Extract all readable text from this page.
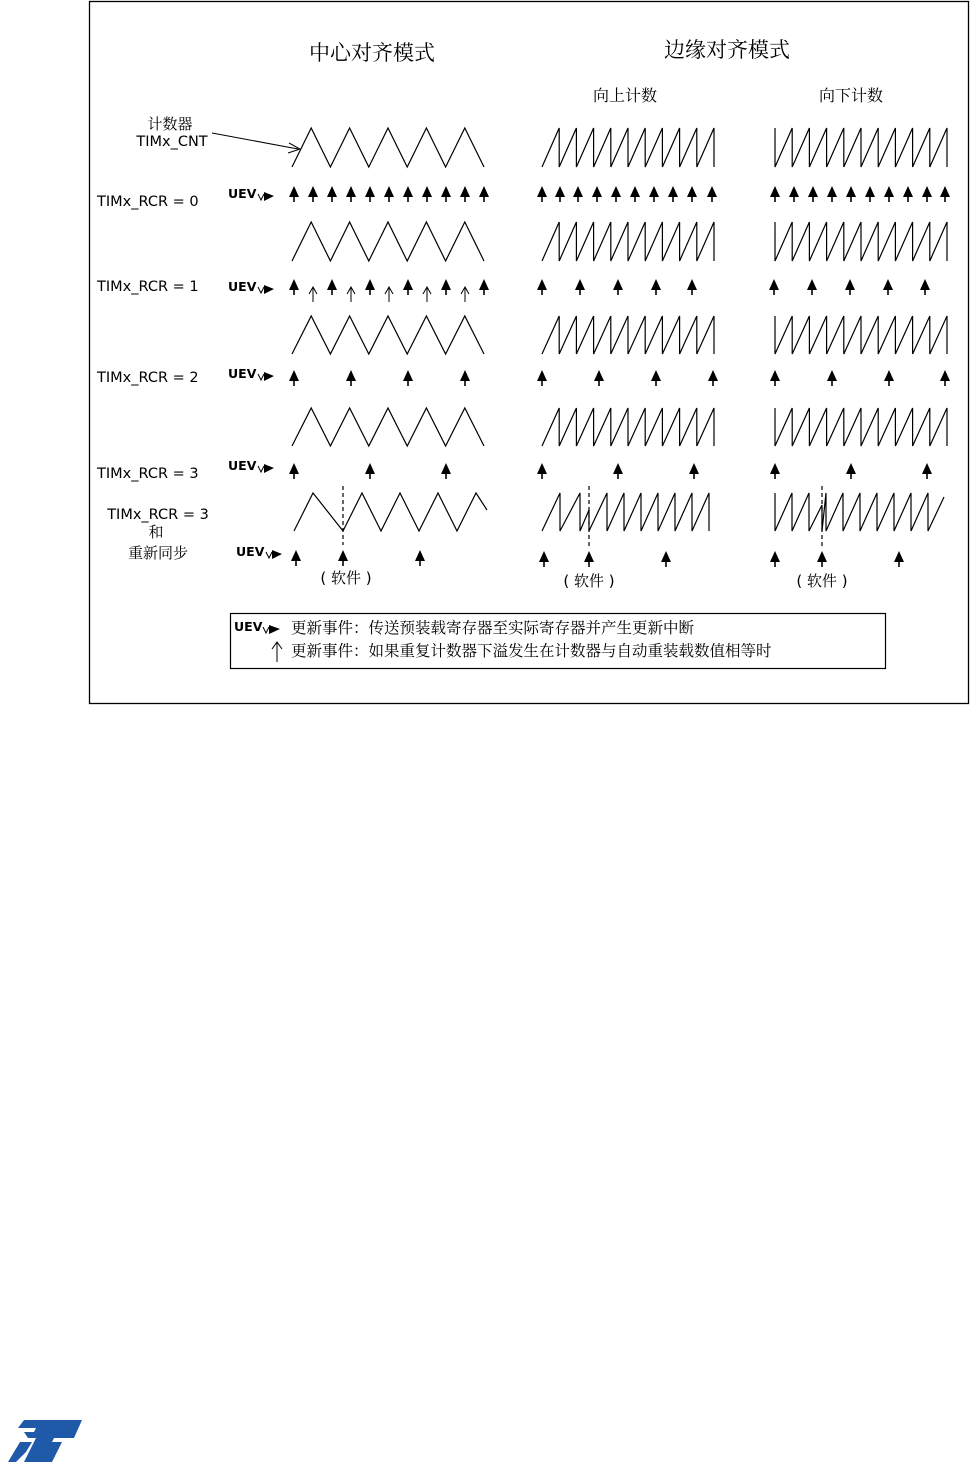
中心对齐模式	边缘对齐模式
向上计数	向下计数
计数器
TIMx_CNT
TIMx_RCR = 0
TIMx_RCR = 1
TIMx_RCR = 2
TIMx_RCR = 3
TIMx_RCR = 3
和
重新同步
UEV
UEV
UEV
UEV
UEV
( 软件 )	( 软件 )	( 软件 )
UEV 更新事件：传送预装载寄存器至实际寄存器并产生更新中断
更新事件：如果重复计数器下溢发生在计数器与自动重装载数值相等时
